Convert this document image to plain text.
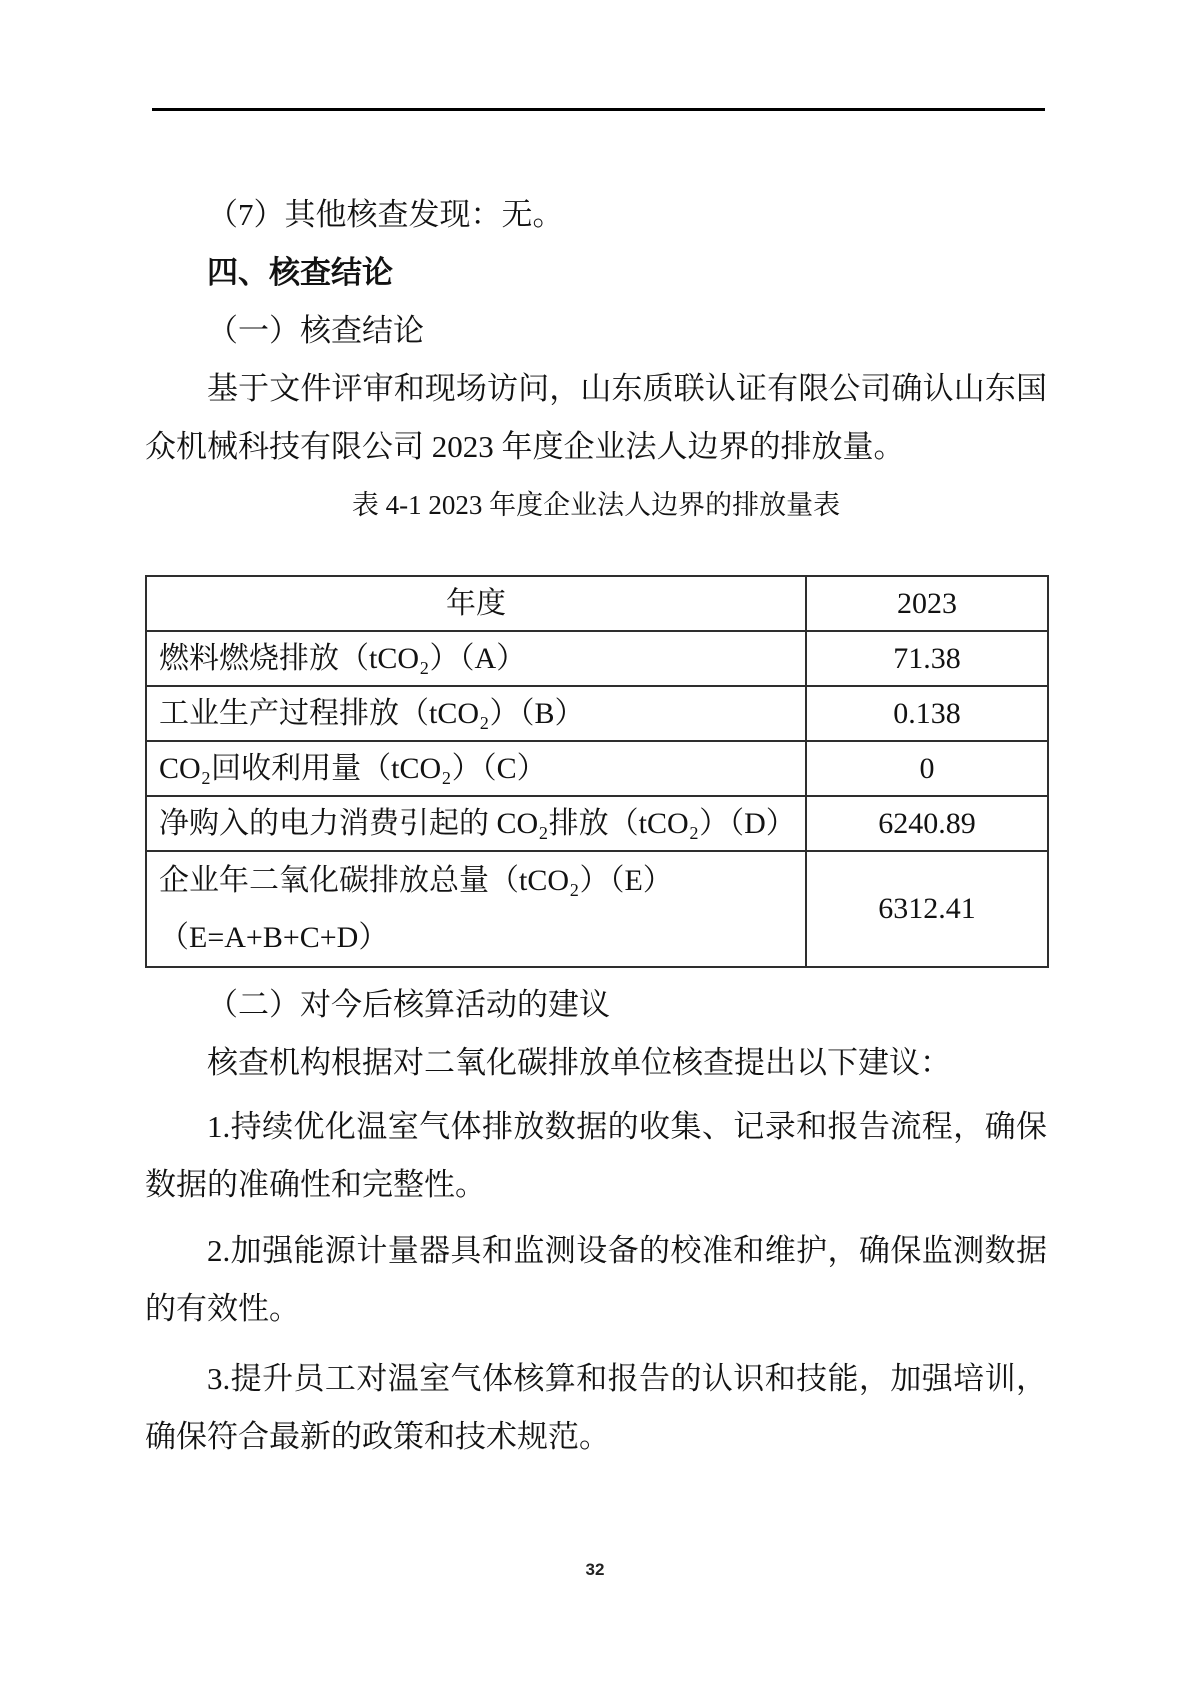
（7）其他核查发现：无。

四、核查结论

（一）核查结论

基于文件评审和现场访问，山东质联认证有限公司确认山东国众机械科技有限公司 2023 年度企业法人边界的排放量。

表 4-1 2023 年度企业法人边界的排放量表

年度	2023
燃料燃烧排放（tCO₂）（A）	71.38
工业生产过程排放（tCO₂）（B）	0.138
CO₂回收利用量（tCO₂）（C）	0
净购入的电力消费引起的 CO₂排放（tCO₂）（D）	6240.89

企业年二氧化碳排放总量（tCO₂）（E）
（E=A+B+C+D）	6312.41

（二）对今后核算活动的建议

核查机构根据对二氧化碳排放单位核查提出以下建议：

1.持续优化温室气体排放数据的收集、记录和报告流程，确保数据的准确性和完整性。

2.加强能源计量器具和监测设备的校准和维护，确保监测数据的有效性。

3.提升员工对温室气体核算和报告的认识和技能，加强培训，确保符合最新的政策和技术规范。

32
